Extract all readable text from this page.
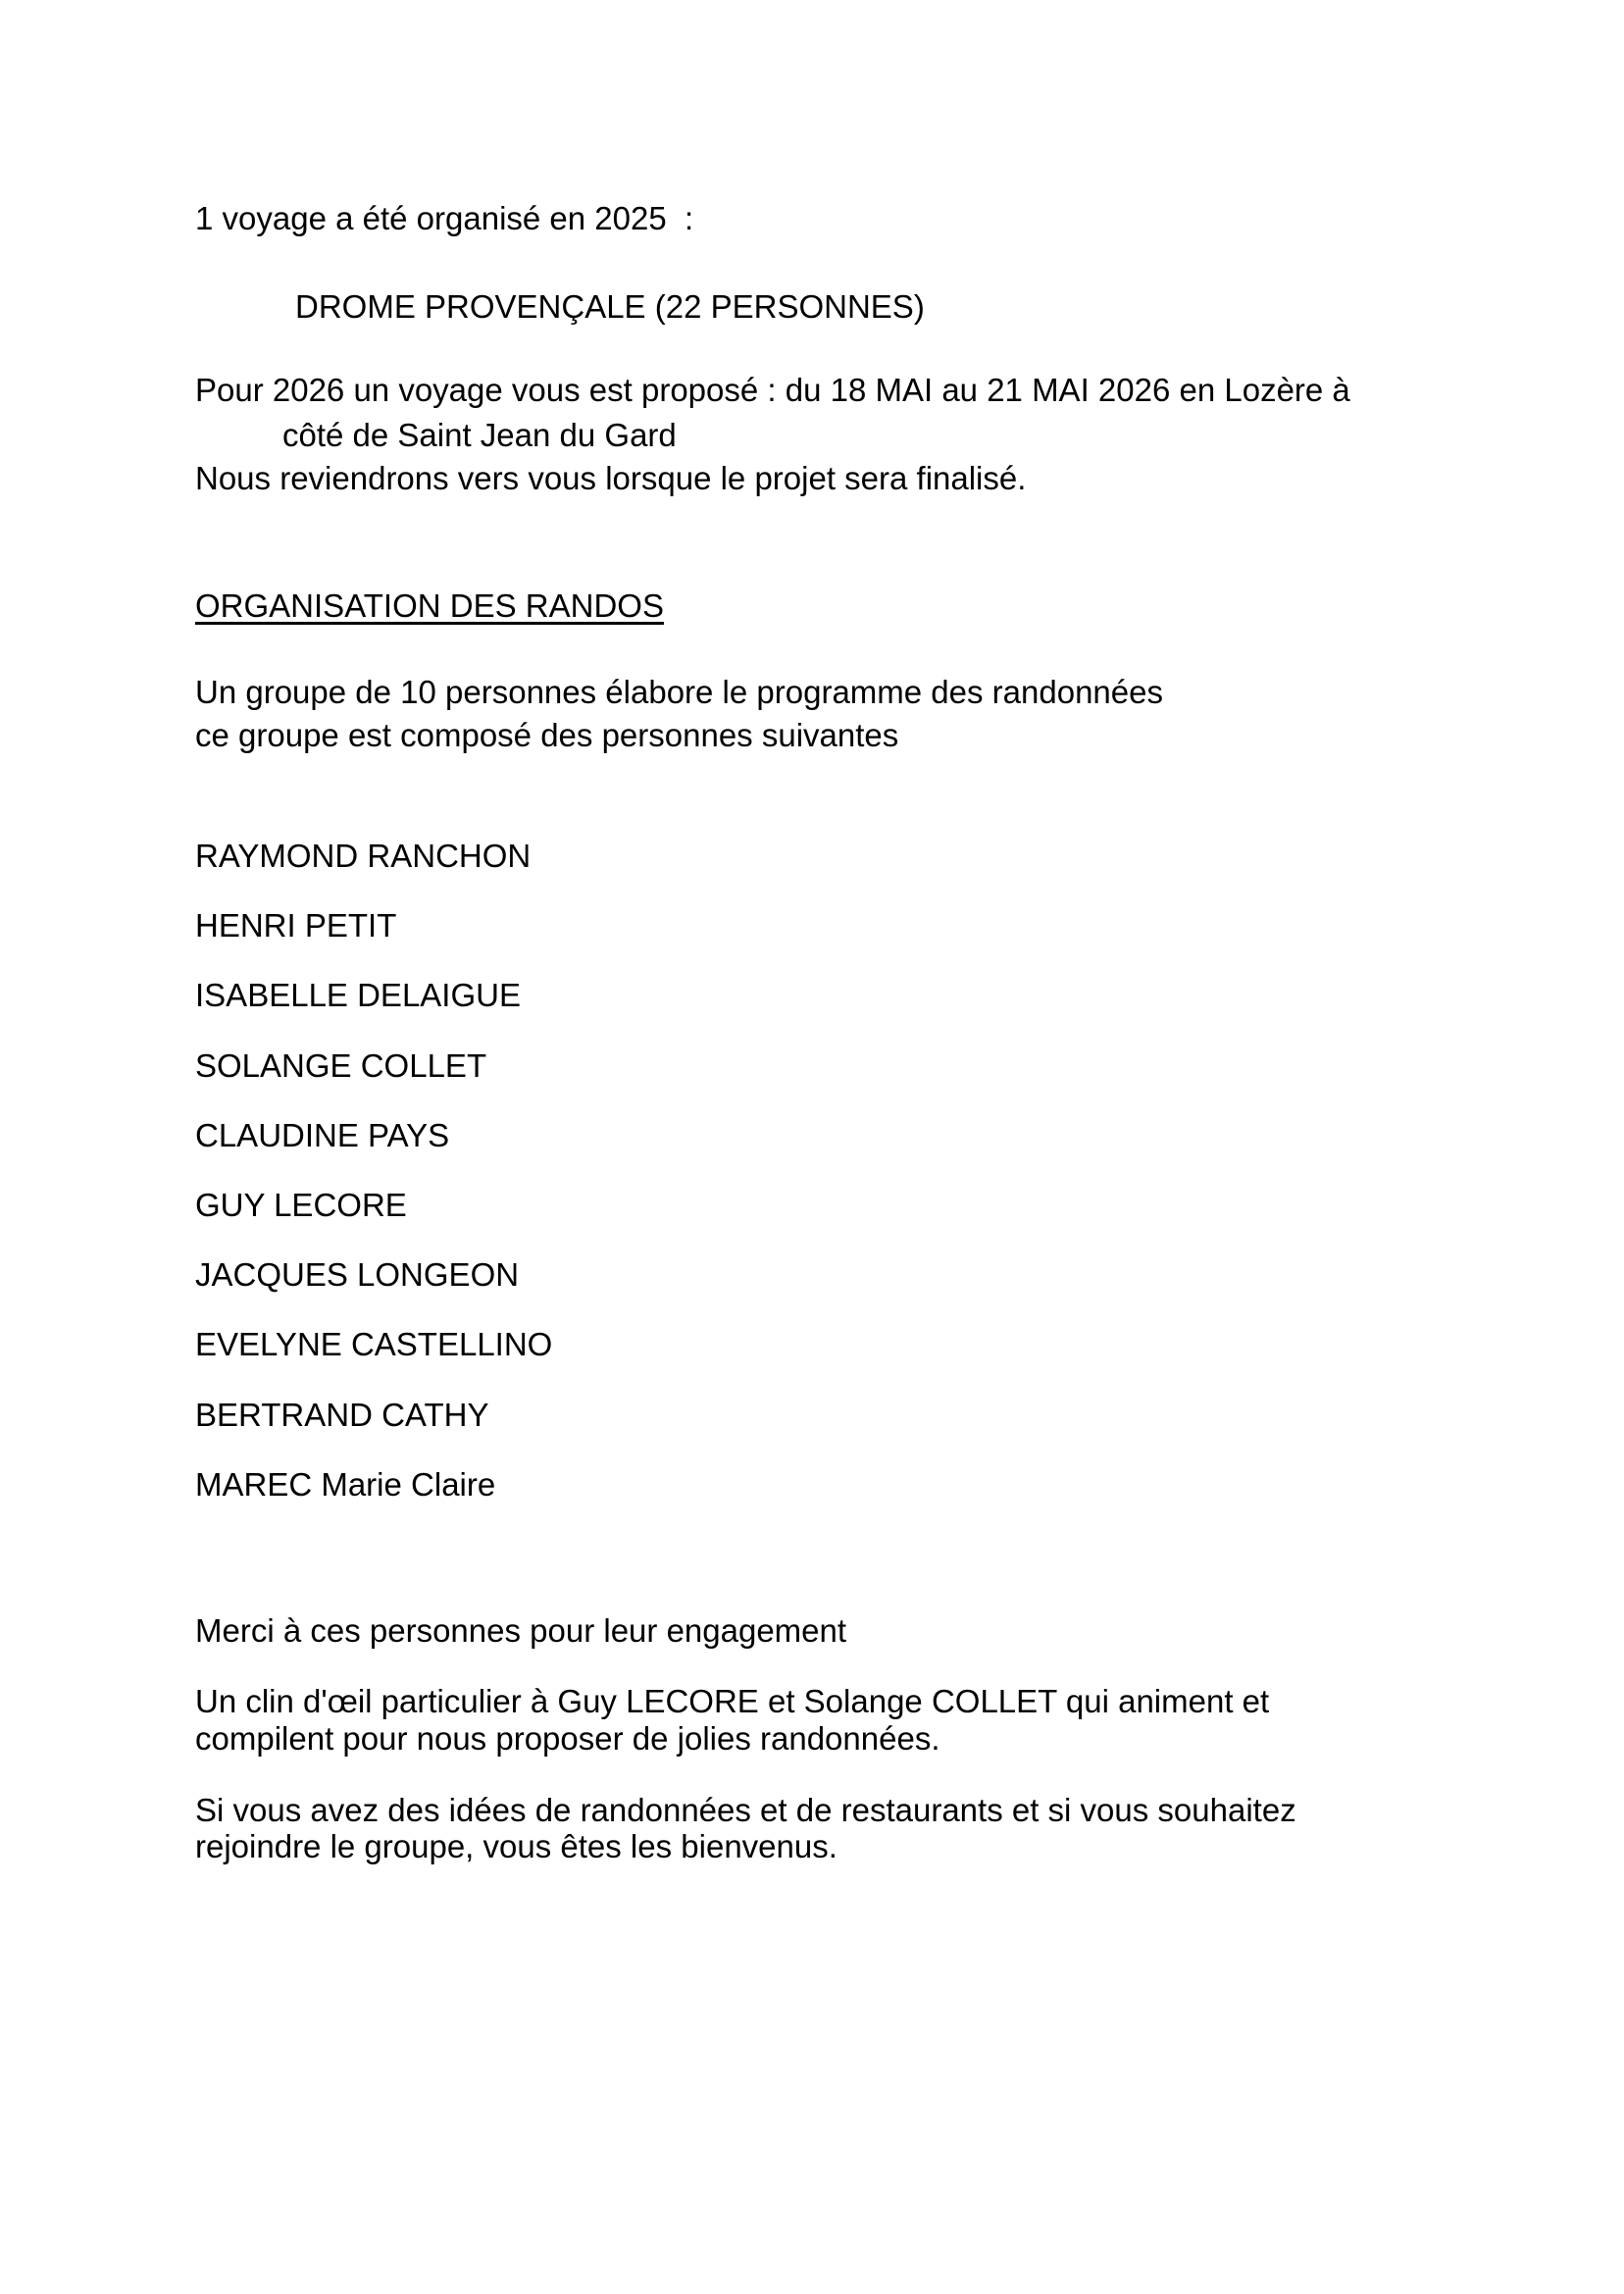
1 voyage a été organisé en 2025  :
DROME PROVENÇALE (22 PERSONNES)
Pour 2026 un voyage vous est proposé : du 18 MAI au 21 MAI 2026 en Lozère à
côté de Saint Jean du Gard
Nous reviendrons vers vous lorsque le projet sera finalisé.
ORGANISATION DES RANDOS
Un groupe de 10 personnes élabore le programme des randonnées
ce groupe est composé des personnes suivantes
RAYMOND RANCHON
HENRI PETIT
ISABELLE DELAIGUE
SOLANGE COLLET
CLAUDINE PAYS
GUY LECORE
JACQUES LONGEON
EVELYNE CASTELLINO
BERTRAND CATHY
MAREC Marie Claire
Merci à ces personnes pour leur engagement
Un clin d'œil particulier à Guy LECORE et Solange COLLET qui animent et
compilent pour nous proposer de jolies randonnées.
Si vous avez des idées de randonnées et de restaurants et si vous souhaitez
rejoindre le groupe, vous êtes les bienvenus.
